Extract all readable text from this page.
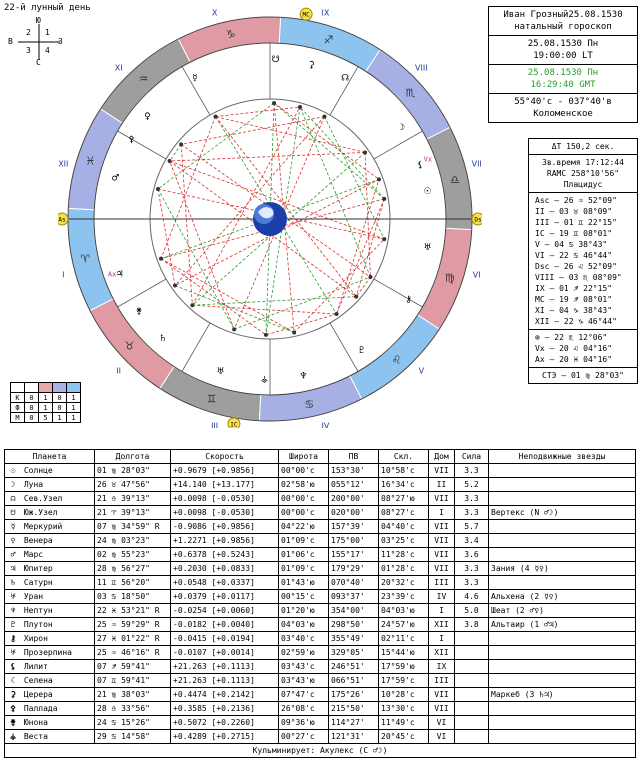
22-й лунный день
Ю
С
В	З
1
2
3 4
♈
♉
♊	♋
♌
♍
♎
♏
♐
♑
♒
♓
I
II
III	IV
V
VI
VII
VIII
IX
X
XI
XII
As	Ds
MC
IC
Vx
Ax
☉
☽
☊
☋
☿
♀
♂
♃
♄
♅	♆
♇
⚷
♅
⚸
⚳
⚴
⚵
⚶
Иван Грозный25.08.1530
натальный гороскоп
25.08.1530 Пн
19:00:00 LT
25.08.1530 Пн
16:29:40 GMT
55°40'с - 037°40'в
Коломенское
ΔT 150,2 сек.
Зв.время 17:12:44
RAMC 258°10'56"
Плацидус
Asc – 26 ♒ 52°09"
II – 03 ♉ 08°09"
III – 01 ♊ 22°15"
IC – 19 ♊ 08°01"
V – 04 ♋ 38°43"
VI – 22 ♋ 46°44"
Dsc – 26 ♌ 52°09"
VIII – 03 ♏ 08°09"
IX – 01 ♐ 22°15"
MC – 19 ♐ 08°01"
XI – 04 ♑ 38°43"
XII – 22 ♑ 46°44"
⊕ – 22 ♏ 12°06"
Vx – 20 ♌ 04°16"
Ax – 20 ♓ 04°16"
СТЭ – 01 ♍ 28°03"

K	0	1	0	1
Ф	0	1	0	1
М	0	5	1	1
Планета	Долгота	Скорость	Широта	ПВ	Скл.	Дом	Сила	Неподвижные звезды
☉ Солнце	01 ♍ 28°03"	+0.9679 [+0.9856]	00°00'с	153°30'	10°58'с	VII	3.3	
☽ Луна	26 ♉ 47°56"	+14.140 [+13.177]	02°58'ю	055°12'	16°34'с	II	5.2	
☊ Сев.Узел	21 ♎ 39°13"	+0.0098 [-0.0530]	00°00'с	200°00'	08°27'ю	VII	3.3	
☋ Юж.Узел	21 ♈ 39°13"	+0.0098 [-0.0530]	00°00'с	020°00'	08°27'с	I	3.3	Вертекс (N ♂☽)
☿ Меркурий	07 ♍ 34°59" R	-0.9086 [+0.9856]	04°22'ю	157°39'	04°40'с	VII	5.7	
♀ Венера	24 ♍ 03°23"	+1.2271 [+0.9856]	01°09'с	175°00'	03°25'с	VII	3.4	
♂ Марс	02 ♍ 55°23"	+0.6378 [+0.5243]	01°06'с	155°17'	11°28'с	VII	3.6	
♃ Юпитер	28 ♍ 56°27"	+0.2030 [+0.0833]	01°09'с	179°29'	01°28'с	VII	3.3	Зания (4 ☿♀)
♄ Сатурн	11 ♊ 56°20"	+0.0548 [+0.0337]	01°43'ю	070°40'	20°32'с	III	3.3	
♅ Уран	03 ♋ 18°50"	+0.0379 [+0.0117]	00°15'с	093°37'	23°39'с	IV	4.6	Альхена (2 ☿♀)
♆ Нептун	22 ♓ 53°21" R	-0.0254 [+0.0060]	01°20'ю	354°00'	04°03'ю	I	5.0	Шеат (2 ♂♀)
♇ Плутон	25 ♒ 59°29" R	-0.0182 [+0.0040]	04°03'ю	298°50'	24°57'ю	XII	3.8	Альтаир (1 ♂♃)
⚷ Хирон	27 ♓ 01°22" R	-0.0415 [+0.0194]	03°40'с	355°49'	02°11'с	I		
♅ Прозерпина	25 ♒ 46°16" R	-0.0107 [+0.0014]	02°59'ю	329°05'	15°44'ю	XII		
⚸ Лилит	07 ♐ 59°41"	+21.263 [+0.1113]	03°43'с	246°51'	17°59'ю	IX		
☾ Селена	07 ♊ 59°41"	+21.263 [+0.1113]	03°43'ю	066°51'	17°59'с	III		
⚳ Церера	21 ♍ 38°03"	+0.4474 [+0.2142]	07°47'с	175°26'	10°28'с	VII		Маркеб (3 ♄♃)
⚴ Паллада	28 ♎ 33°56"	+0.3585 [+0.2136]	26°08'с	215°50'	13°30'с	VII		
⚵ Юнона	24 ♋ 15°26"	+0.5072 [+0.2260]	09°36'ю	114°27'	11°49'с	VI		
⚶ Веста	29 ♋ 14°58"	+0.4289 [+0.2715]	00°27'с	121°31'	20°45'с	VI		
Кульминирует: Акулекс (С ♂☽)								
